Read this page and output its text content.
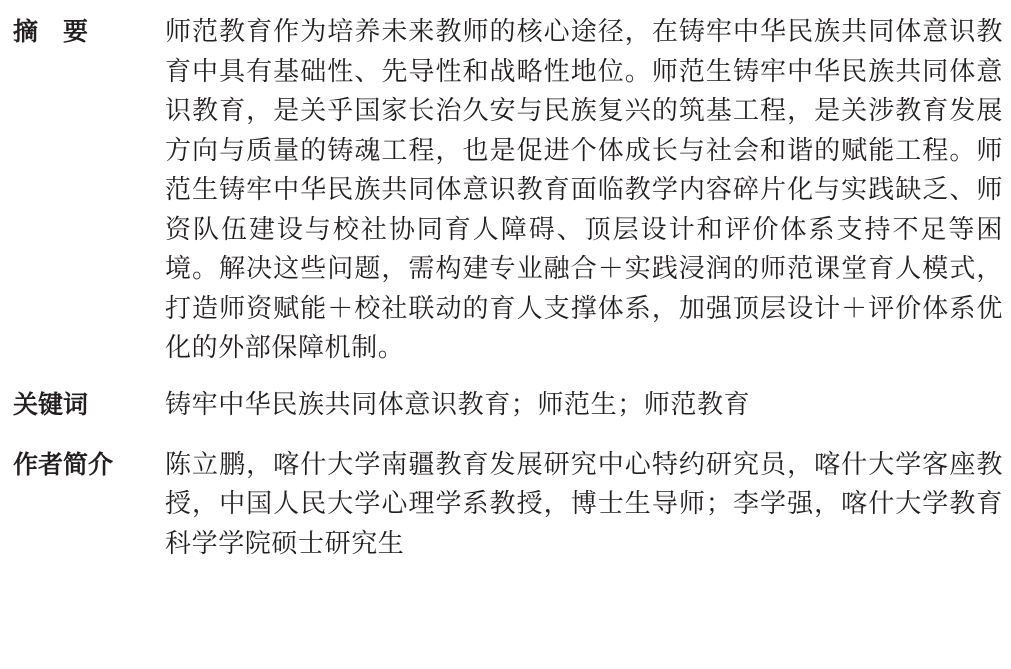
摘要	师范教育作为培养未来教师的核心途径，在铸牢中华民族共同体意识教育中具有基础性、先导性和战略性地位。师范生铸牢中华民族共同体意识教育，是关乎国家长治久安与民族复兴的筑基工程，是关涉教育发展方向与质量的铸魂工程，也是促进个体成长与社会和谐的赋能工程。师范生铸牢中华民族共同体意识教育面临教学内容碎片化与实践缺乏、师资队伍建设与校社协同育人障碍、顶层设计和评价体系支持不足等困境。解决这些问题，需构建专业融合＋实践浸润的师范课堂育人模式，打造师资赋能＋校社联动的育人支撑体系，加强顶层设计＋评价体系优化的外部保障机制。
关键词	铸牢中华民族共同体意识教育；师范生；师范教育
作者简介	陈立鹏，喀什大学南疆教育发展研究中心特约研究员，喀什大学客座教授，中国人民大学心理学系教授，博士生导师；李学强，喀什大学教育科学学院硕士研究生
